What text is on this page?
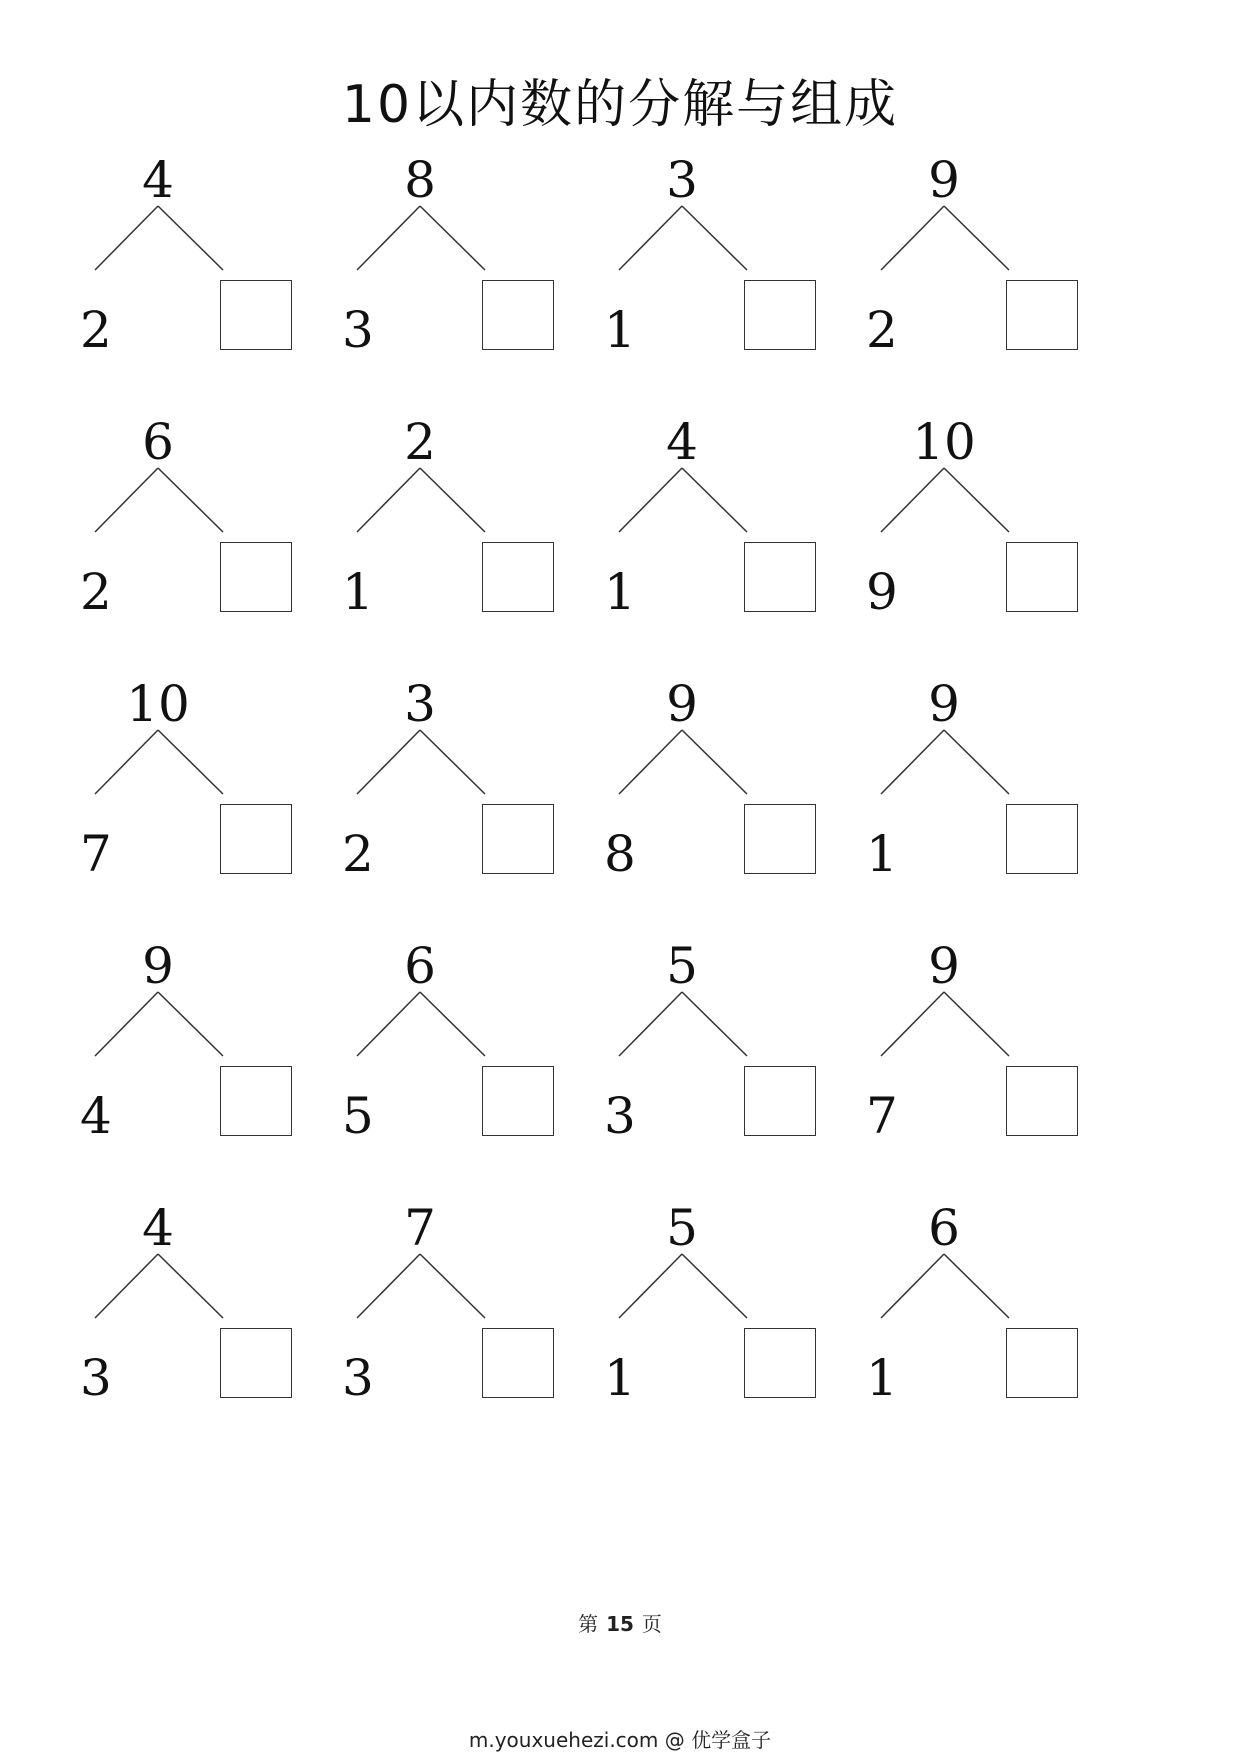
10以内数的分解与组成
4
2
8
3
3
1
9
2
6
2
2
1
4
1
10
9
10
7
3
2
9
8
9
1
9
4
6
5
5
3
9
7
4
3
7
3
5
1
6
1
第 15 页
m.youxuehezi.com @ 优学盒子
